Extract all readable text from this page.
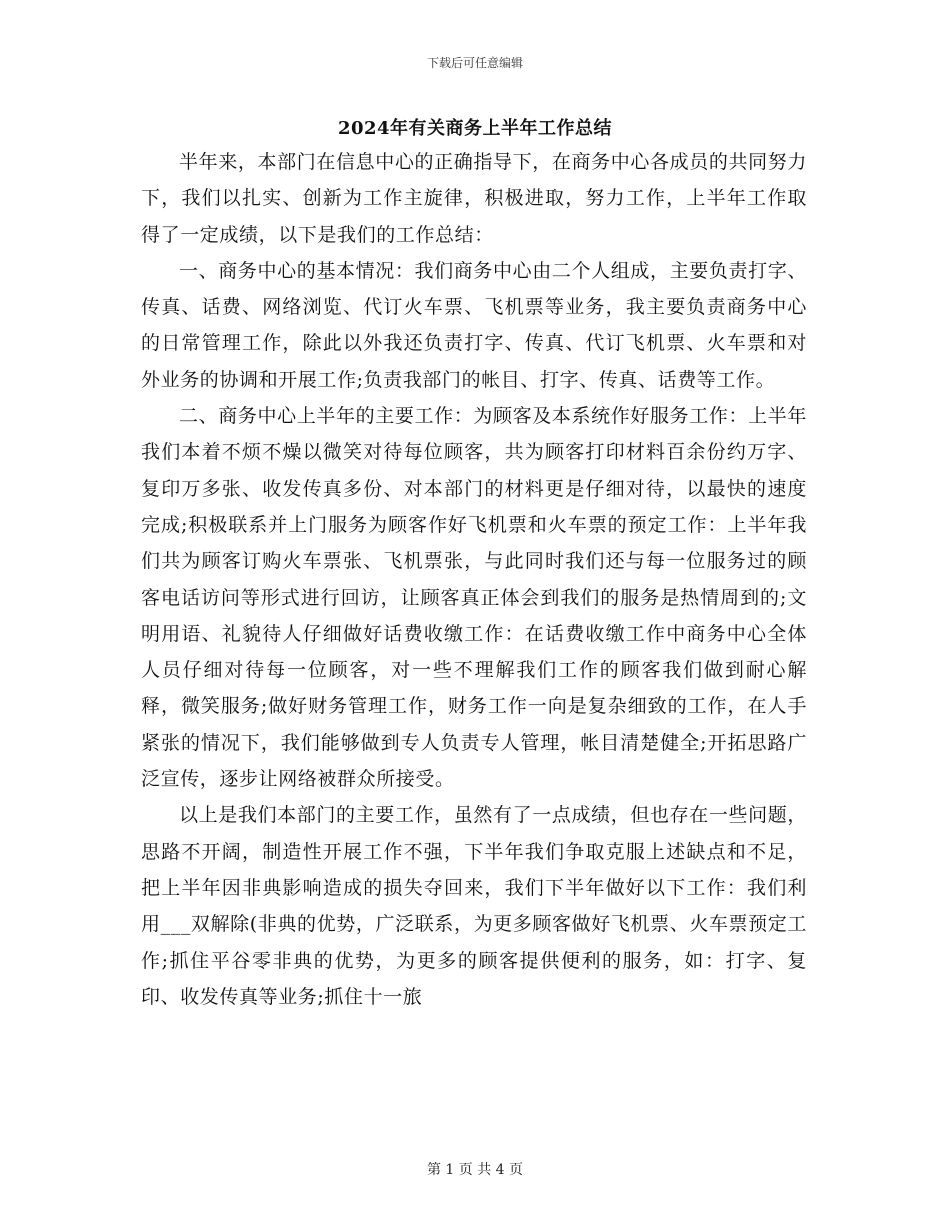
下载后可任意编辑
2024年有关商务上半年工作总结

半年来，本部门在信息中心的正确指导下，在商务中心各成员的共同努力下，我们以扎实、创新为工作主旋律，积极进取，努力工作，上半年工作取得了一定成绩，以下是我们的工作总结：

一、商务中心的基本情况：我们商务中心由二个人组成，主要负责打字、传真、话费、网络浏览、代订火车票、飞机票等业务，我主要负责商务中心的日常管理工作，除此以外我还负责打字、传真、代订飞机票、火车票和对外业务的协调和开展工作;负责我部门的帐目、打字、传真、话费等工作。

二、商务中心上半年的主要工作：为顾客及本系统作好服务工作：上半年我们本着不烦不燥以微笑对待每位顾客，共为顾客打印材料百余份约万字、复印万多张、收发传真多份、对本部门的材料更是仔细对待，以最快的速度完成;积极联系并上门服务为顾客作好飞机票和火车票的预定工作：上半年我们共为顾客订购火车票张、飞机票张，与此同时我们还与每一位服务过的顾客电话访问等形式进行回访，让顾客真正体会到我们的服务是热情周到的;文明用语、礼貌待人仔细做好话费收缴工作：在话费收缴工作中商务中心全体人员仔细对待每一位顾客，对一些不理解我们工作的顾客我们做到耐心解释，微笑服务;做好财务管理工作，财务工作一向是复杂细致的工作，在人手紧张的情况下，我们能够做到专人负责专人管理，帐目清楚健全;开拓思路广泛宣传，逐步让网络被群众所接受。

以上是我们本部门的主要工作，虽然有了一点成绩，但也存在一些问题，思路不开阔，制造性开展工作不强，下半年我们争取克服上述缺点和不足，把上半年因非典影响造成的损失夺回来，我们下半年做好以下工作：我们利用___双解除(非典的优势，广泛联系，为更多顾客做好飞机票、火车票预定工作;抓住平谷零非典的优势，为更多的顾客提供便利的服务，如：打字、复印、收发传真等业务;抓住十一旅

第 1 页 共 4 页
